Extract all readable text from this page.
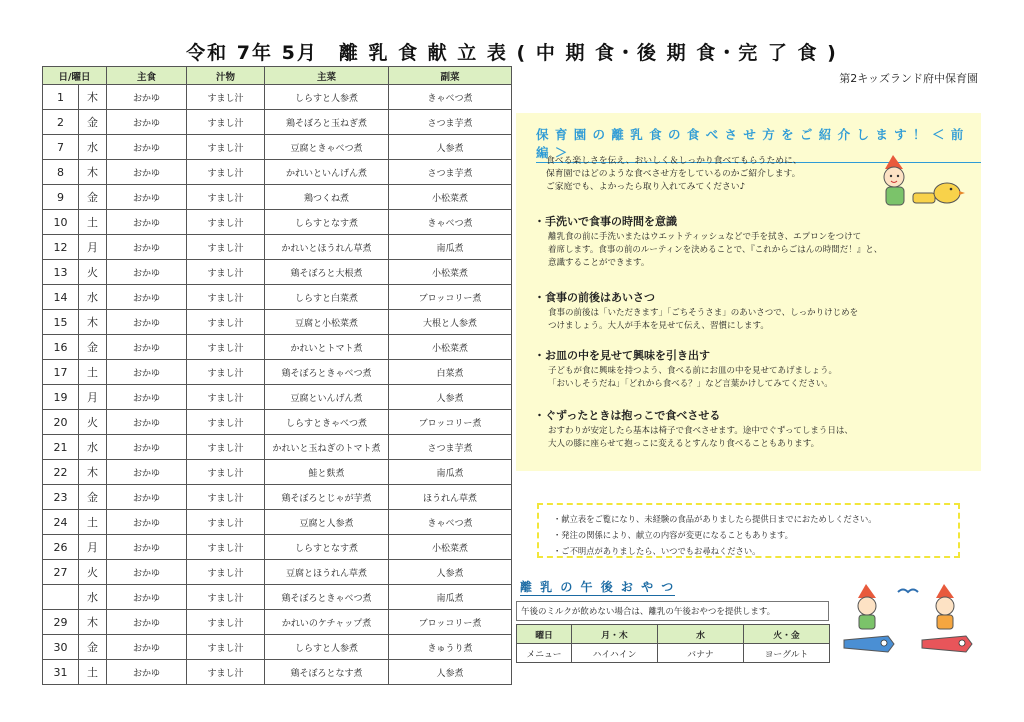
令和 7年 5月　離 乳 食 献 立 表 ( 中 期 食・後 期 食・完 了 食 )
第2キッズランド府中保育園
日/曜日		主食	汁物	主菜	副菜
1	木	おかゆ	すまし汁	しらすと人参煮	きゃべつ煮
2	金	おかゆ	すまし汁	鶏そぼろと玉ねぎ煮	さつま芋煮
7	水	おかゆ	すまし汁	豆腐ときゃべつ煮	人参煮
8	木	おかゆ	すまし汁	かれいといんげん煮	さつま芋煮
9	金	おかゆ	すまし汁	鶏つくね煮	小松菜煮
10	土	おかゆ	すまし汁	しらすとなす煮	きゃべつ煮
12	月	おかゆ	すまし汁	かれいとほうれん草煮	南瓜煮
13	火	おかゆ	すまし汁	鶏そぼろと大根煮	小松菜煮
14	水	おかゆ	すまし汁	しらすと白菜煮	ブロッコリー煮
15	木	おかゆ	すまし汁	豆腐と小松菜煮	大根と人参煮
16	金	おかゆ	すまし汁	かれいとトマト煮	小松菜煮
17	土	おかゆ	すまし汁	鶏そぼろときゃべつ煮	白菜煮
19	月	おかゆ	すまし汁	豆腐といんげん煮	人参煮
20	火	おかゆ	すまし汁	しらすときゃべつ煮	ブロッコリー煮
21	水	おかゆ	すまし汁	かれいと玉ねぎのトマト煮	さつま芋煮
22	木	おかゆ	すまし汁	鮭と麩煮	南瓜煮
23	金	おかゆ	すまし汁	鶏そぼろとじゃが芋煮	ほうれん草煮
24	土	おかゆ	すまし汁	豆腐と人参煮	きゃべつ煮
26	月	おかゆ	すまし汁	しらすとなす煮	小松菜煮
27	火	おかゆ	すまし汁	豆腐とほうれん草煮	人参煮
	水	おかゆ	すまし汁	鶏そぼろときゃべつ煮	南瓜煮
29	木	おかゆ	すまし汁	かれいのケチャップ煮	ブロッコリー煮
30	金	おかゆ	すまし汁	しらすと人参煮	きゅうり煮
31	土	おかゆ	すまし汁	鶏そぼろとなす煮	人参煮
保 育 園 の 離 乳 食 の 食 べ さ せ 方 を ご 紹 介 し ま す ！ ＜ 前 編 ＞
食べる楽しさを伝え、おいしく＆しっかり食べてもらうために、
保育園ではどのような食べさせ方をしているのかご紹介します。
ご家庭でも、よかったら取り入れてみてください♪
・手洗いで食事の時間を意識
離乳食の前に手洗いまたはウエットティッシュなどで手を拭き、エプロンをつけて
着席します。食事の前のルーティンを決めることで、『これからごはんの時間だ！』と、
意識することができます。
・食事の前後はあいさつ
食事の前後は「いただきます」「ごちそうさま」のあいさつで、しっかりけじめを
つけましょう。大人が手本を見せて伝え、習慣にします。
・お皿の中を見せて興味を引き出す
子どもが食に興味を持つよう、食べる前にお皿の中を見せてあげましょう。
「おいしそうだね」「どれから食べる？」など言葉かけしてみてください。
・ぐずったときは抱っこで食べさせる
おすわりが安定したら基本は椅子で食べさせます。途中でぐずってしまう日は、
大人の膝に座らせて抱っこに変えるとすんなり食べることもあります。
・献立表をご覧になり、未経験の食品がありましたら提供日までにおためしください。
・発注の関係により、献立の内容が変更になることもあります。
・ご不明点がありましたら、いつでもお尋ねください。
離 乳 の 午 後 お や つ
午後のミルクが飲めない場合は、離乳の午後おやつを提供します。
曜日	月・木	水	火・金
メニュー	ハイハイン	バナナ	ヨーグルト
